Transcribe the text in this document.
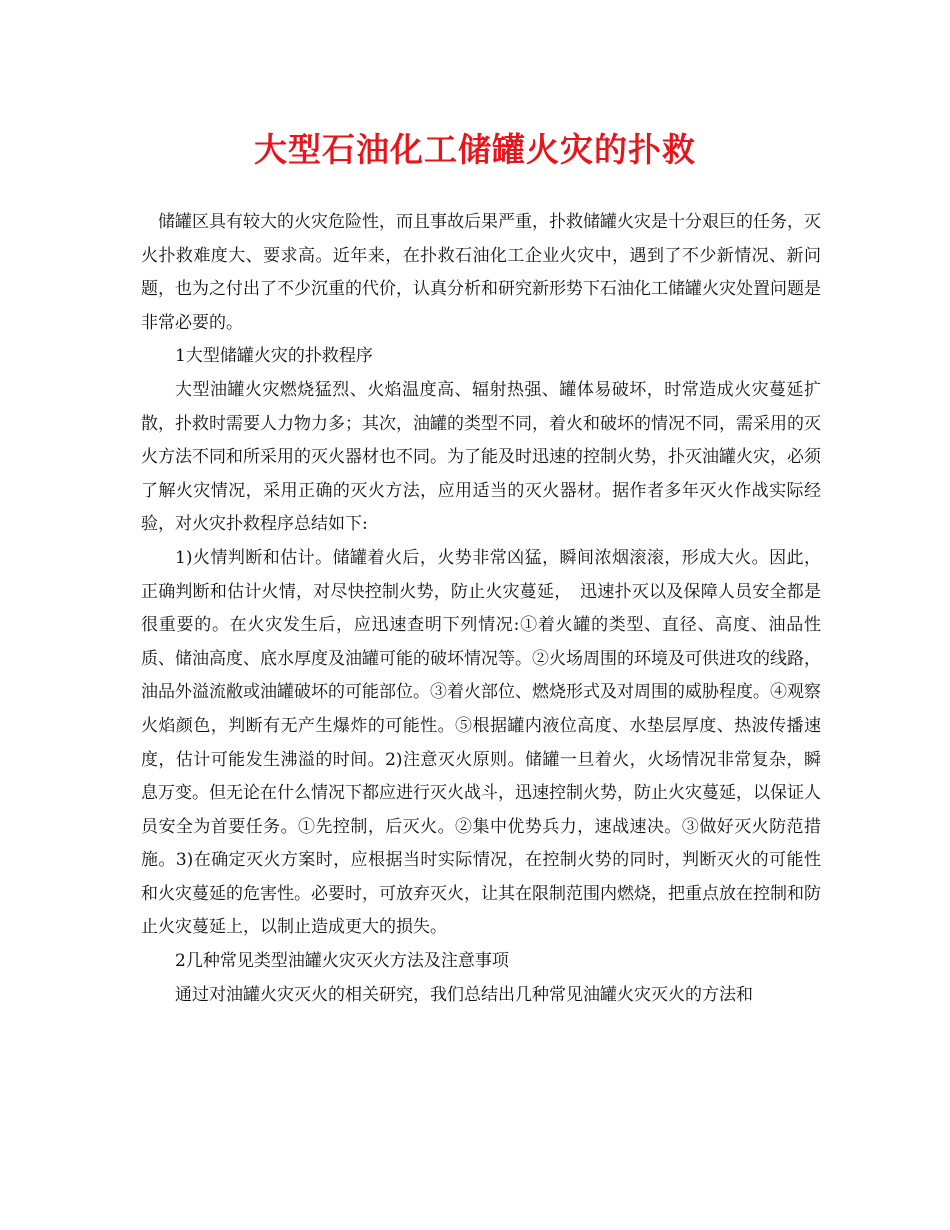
大型石油化工储罐火灾的扑救

储罐区具有较大的火灾危险性，而且事故后果严重，扑救储罐火灾是十分艰巨的任务，灭火扑救难度大、要求高。近年来，在扑救石油化工企业火灾中，遇到了不少新情况、新问题，也为之付出了不少沉重的代价，认真分析和研究新形势下石油化工储罐火灾处置问题是非常必要的。

1大型储罐火灾的扑救程序

大型油罐火灾燃烧猛烈、火焰温度高、辐射热强、罐体易破坏，时常造成火灾蔓延扩散，扑救时需要人力物力多；其次，油罐的类型不同，着火和破坏的情况不同，需采用的灭火方法不同和所采用的灭火器材也不同。为了能及时迅速的控制火势，扑灭油罐火灾，必须了解火灾情况，采用正确的灭火方法，应用适当的灭火器材。据作者多年灭火作战实际经验，对火灾扑救程序总结如下:

1)火情判断和估计。储罐着火后，火势非常凶猛，瞬间浓烟滚滚，形成大火。因此，正确判断和估计火情，对尽快控制火势，防止火灾蔓延，　迅速扑灭以及保障人员安全都是很重要的。在火灾发生后，应迅速查明下列情况:①着火罐的类型、直径、高度、油品性质、储油高度、底水厚度及油罐可能的破坏情况等。②火场周围的环境及可供进攻的线路，油品外溢流敝或油罐破坏的可能部位。③着火部位、燃烧形式及对周围的威胁程度。④观察火焰颜色，判断有无产生爆炸的可能性。⑤根据罐内液位高度、水垫层厚度、热波传播速度，估计可能发生沸溢的时间。2)注意灭火原则。储罐一旦着火，火场情况非常复杂，瞬息万变。但无论在什么情况下都应进行灭火战斗，迅速控制火势，防止火灾蔓延，以保证人员安全为首要任务。①先控制，后灭火。②集中优势兵力，速战速决。③做好灭火防范措施。3)在确定灭火方案时，应根据当时实际情况，在控制火势的同时，判断灭火的可能性和火灾蔓延的危害性。必要时，可放弃灭火，让其在限制范围内燃烧，把重点放在控制和防止火灾蔓延上，以制止造成更大的损失。

2几种常见类型油罐火灾灭火方法及注意事项

通过对油罐火灾灭火的相关研究，我们总结出几种常见油罐火灾灭火的方法和
